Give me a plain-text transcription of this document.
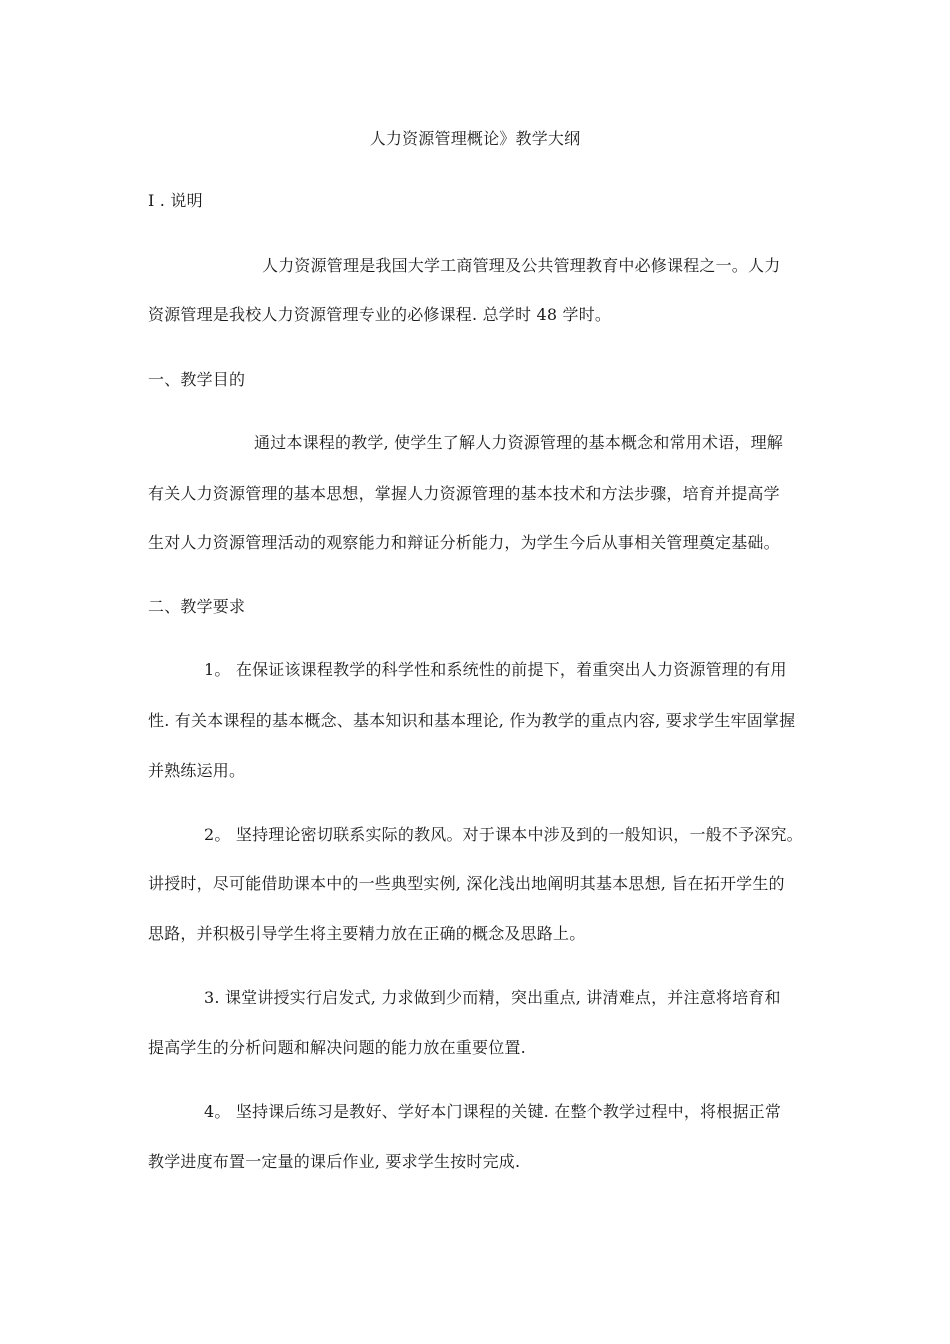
人力资源管理概论》教学大纲
Ⅰ . 说明
人力资源管理是我国大学工商管理及公共管理教育中必修课程之一。人力
资源管理是我校人力资源管理专业的必修课程. 总学时 48 学时。
一、教学目的
通过本课程的教学, 使学生了解人力资源管理的基本概念和常用术语，理解
有关人力资源管理的基本思想，掌握人力资源管理的基本技术和方法步骤，培育并提高学
生对人力资源管理活动的观察能力和辩证分析能力，为学生今后从事相关管理奠定基础。
二、教学要求
1。 在保证该课程教学的科学性和系统性的前提下，着重突出人力资源管理的有用
性. 有关本课程的基本概念、基本知识和基本理论, 作为教学的重点内容, 要求学生牢固掌握
并熟练运用。
2。 坚持理论密切联系实际的教风。对于课本中涉及到的一般知识，一般不予深究。
讲授时，尽可能借助课本中的一些典型实例, 深化浅出地阐明其基本思想, 旨在拓开学生的
思路，并积极引导学生将主要精力放在正确的概念及思路上。
3. 课堂讲授实行启发式, 力求做到少而精，突出重点, 讲清难点，并注意将培育和
提高学生的分析问题和解决问题的能力放在重要位置.
4。 坚持课后练习是教好、学好本门课程的关键. 在整个教学过程中，将根据正常
教学进度布置一定量的课后作业, 要求学生按时完成.
